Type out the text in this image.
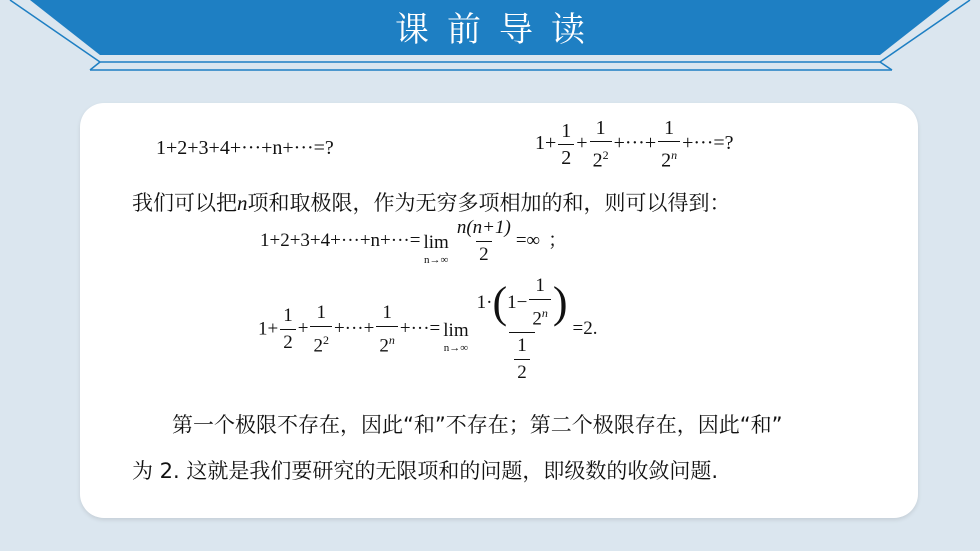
课前导读
1+2+3+4+···+n+···=?	$1+ \frac{1}{2} + \frac{1}{2^2}$ +···+ $\frac{1}{2^n}$ +···=?
我们可以把n项和取极限，作为无穷多项相加的和，则可以得到：
1+2+3+4+···+n+···= lim
$n\to\infty \frac{n(n+1)}{2}$ =∞ ；
$1+ \frac{1}{2} + \frac{1}{2^2}$ +···+ $\frac{1}{2^n}$ +···= lim
$n\to\infty \frac{1\cdot ( 1- \frac{1}{2^n} )}{\frac{1}{2}} =2$.
第一个极限不存在，因此“和”不存在；第二个极限存在，因此“和”
为 2. 这就是我们要研究的无限项和的问题，即级数的收敛问题.
